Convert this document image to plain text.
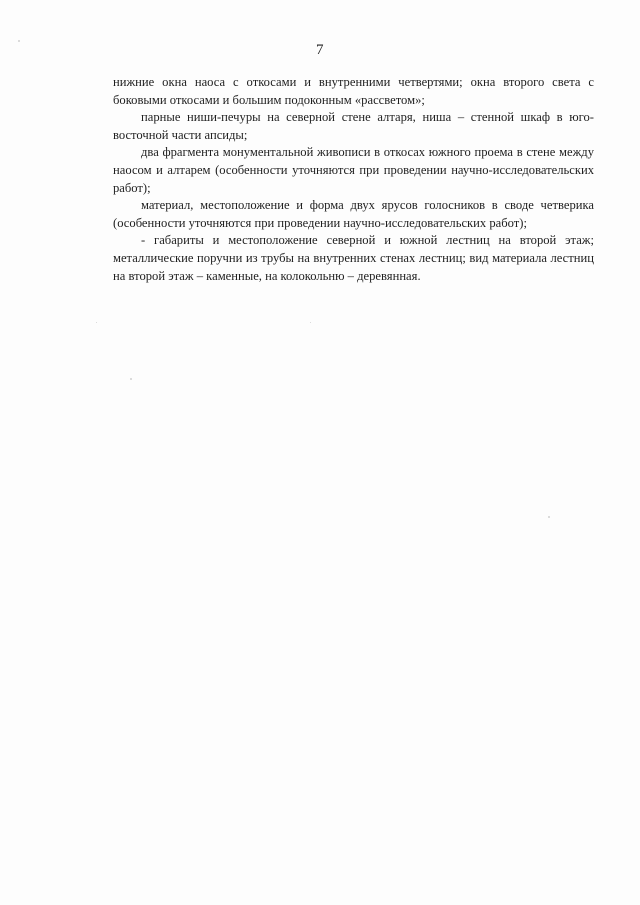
7

нижние окна наоса с откосами и внутренними четвертями; окна второго света с боковыми откосами и большим подоконным «рассветом»;

парные ниши-печуры на северной стене алтаря, ниша – стенной шкаф в юго-восточной части апсиды;

два фрагмента монументальной живописи в откосах южного проема в стене между наосом и алтарем (особенности уточняются при проведении научно-исследовательских работ);

материал, местоположение и форма двух ярусов голосников в своде четверика (особенности уточняются при проведении научно-исследовательских работ);

- габариты и местоположение северной и южной лестниц на второй этаж; металлические поручни из трубы на внутренних стенах лестниц; вид материала лестниц на второй этаж – каменные, на колокольню – деревянная.
